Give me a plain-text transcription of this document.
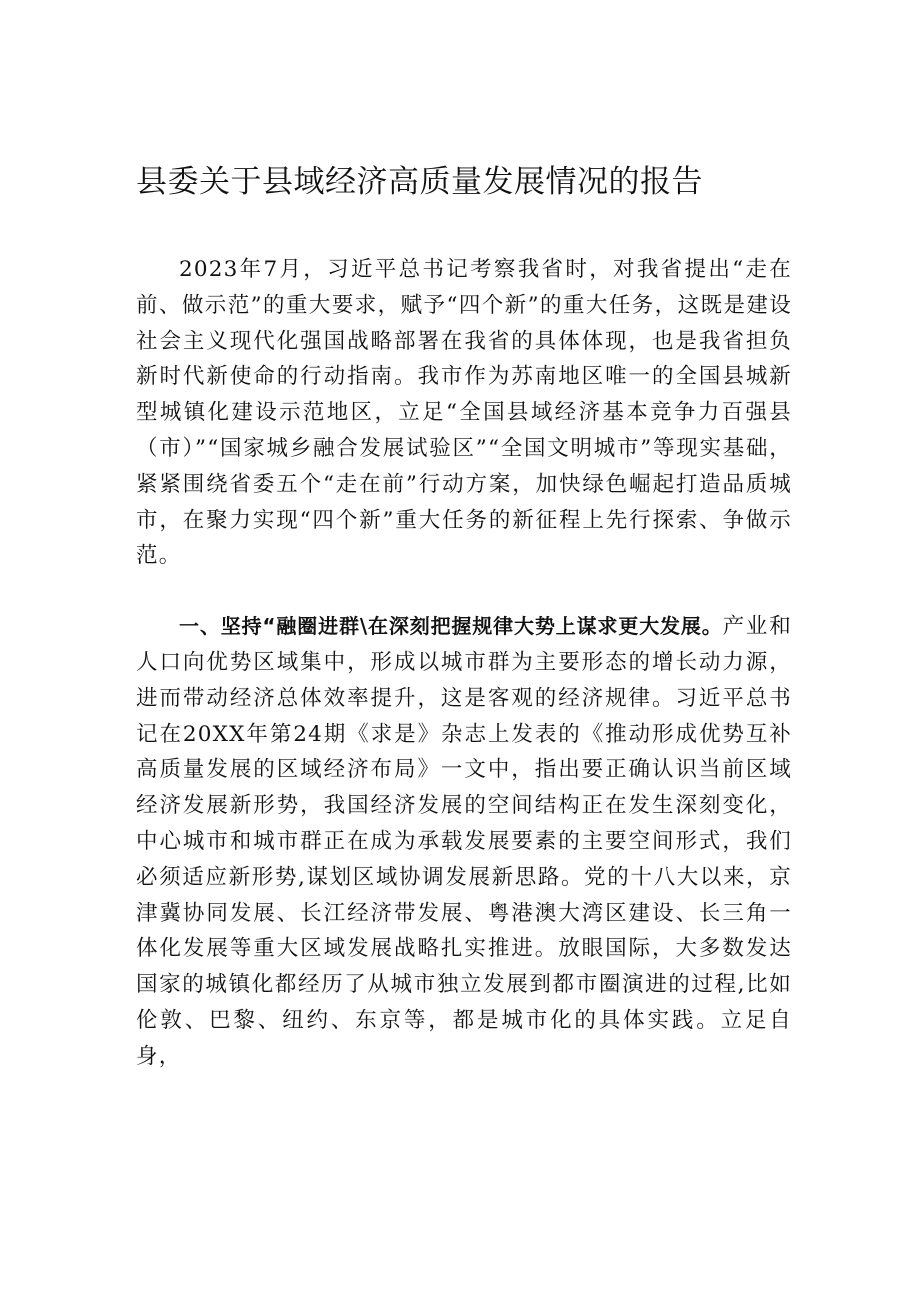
县委关于县域经济高质量发展情况的报告

2023年7月，习近平总书记考察我省时，对我省提出“走在前、做示范”的重大要求，赋予“四个新”的重大任务，这既是建设社会主义现代化强国战略部署在我省的具体体现，也是我省担负新时代新使命的行动指南。我市作为苏南地区唯一的全国县城新型城镇化建设示范地区，立足“全国县域经济基本竞争力百强县（市）”“国家城乡融合发展试验区”“全国文明城市”等现实基础，紧紧围绕省委五个“走在前”行动方案，加快绿色崛起打造品质城市，在聚力实现“四个新”重大任务的新征程上先行探索、争做示范。

一、坚持“融圈进群\在深刻把握规律大势上谋求更大发展。产业和人口向优势区域集中，形成以城市群为主要形态的增长动力源，进而带动经济总体效率提升，这是客观的经济规律。习近平总书记在20XX年第24期《求是》杂志上发表的《推动形成优势互补高质量发展的区域经济布局》一文中，指出要正确认识当前区域经济发展新形势，我国经济发展的空间结构正在发生深刻变化，中心城市和城市群正在成为承载发展要素的主要空间形式，我们必须适应新形势,谋划区域协调发展新思路。党的十八大以来，京津冀协同发展、长江经济带发展、粤港澳大湾区建设、长三角一体化发展等重大区域发展战略扎实推进。放眼国际，大多数发达国家的城镇化都经历了从城市独立发展到都市圈演进的过程,比如伦敦、巴黎、纽约、东京等，都是城市化的具体实践。立足自身，
